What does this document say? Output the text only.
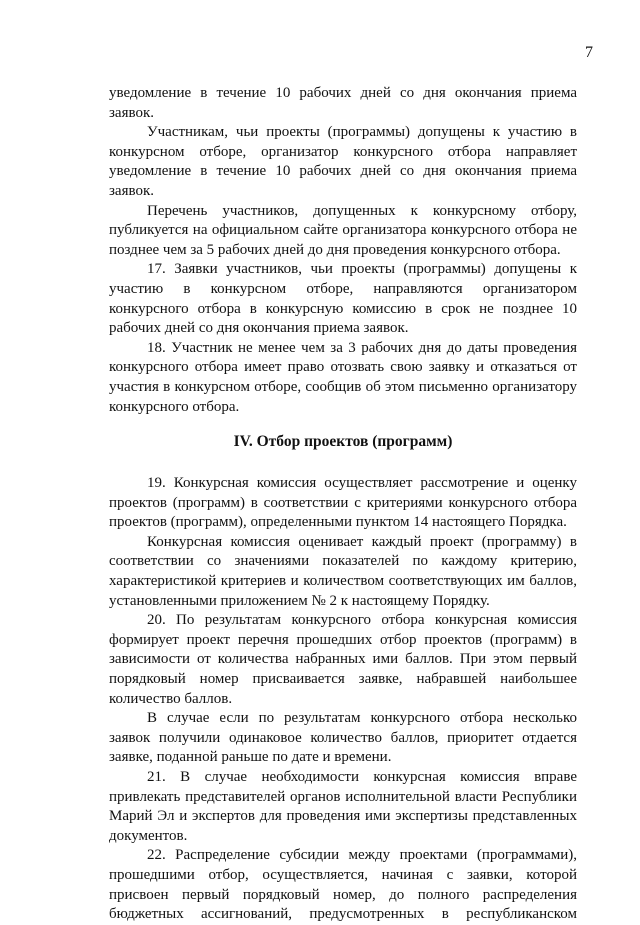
7

уведомление в течение 10 рабочих дней со дня окончания приема заявок.

Участникам, чьи проекты (программы) допущены к участию в конкурсном отборе, организатор конкурсного отбора направляет уведомление в течение 10 рабочих дней со дня окончания приема заявок.

Перечень участников, допущенных к конкурсному отбору, публикуется на официальном сайте организатора конкурсного отбора не позднее чем за 5 рабочих дней до дня проведения конкурсного отбора.

17. Заявки участников, чьи проекты (программы) допущены к участию в конкурсном отборе, направляются организатором конкурсного отбора в конкурсную комиссию в срок не позднее 10 рабочих дней со дня окончания приема заявок.

18. Участник не менее чем за 3 рабочих дня до даты проведения конкурсного отбора имеет право отозвать свою заявку и отказаться от участия в конкурсном отборе, сообщив об этом письменно организатору конкурсного отбора.

IV. Отбор проектов (программ)

19. Конкурсная комиссия осуществляет рассмотрение и оценку проектов (программ) в соответствии с критериями конкурсного отбора проектов (программ), определенными пунктом 14 настоящего Порядка.

Конкурсная комиссия оценивает каждый проект (программу) в соответствии со значениями показателей по каждому критерию, характеристикой критериев и количеством соответствующих им баллов, установленными приложением № 2 к настоящему Порядку.

20. По результатам конкурсного отбора конкурсная комиссия формирует проект перечня прошедших отбор проектов (программ) в зависимости от количества набранных ими баллов. При этом первый порядковый номер присваивается заявке, набравшей наибольшее количество баллов.

В случае если по результатам конкурсного отбора несколько заявок получили одинаковое количество баллов, приоритет отдается заявке, поданной раньше по дате и времени.

21. В случае необходимости конкурсная комиссия вправе привлекать представителей органов исполнительной власти Республики Марий Эл и экспертов для проведения ими экспертизы представленных документов.

22. Распределение субсидии между проектами (программами), прошедшими отбор, осуществляется, начиная с заявки, которой присвоен первый порядковый номер, до полного распределения бюджетных ассигнований, предусмотренных в республиканском
